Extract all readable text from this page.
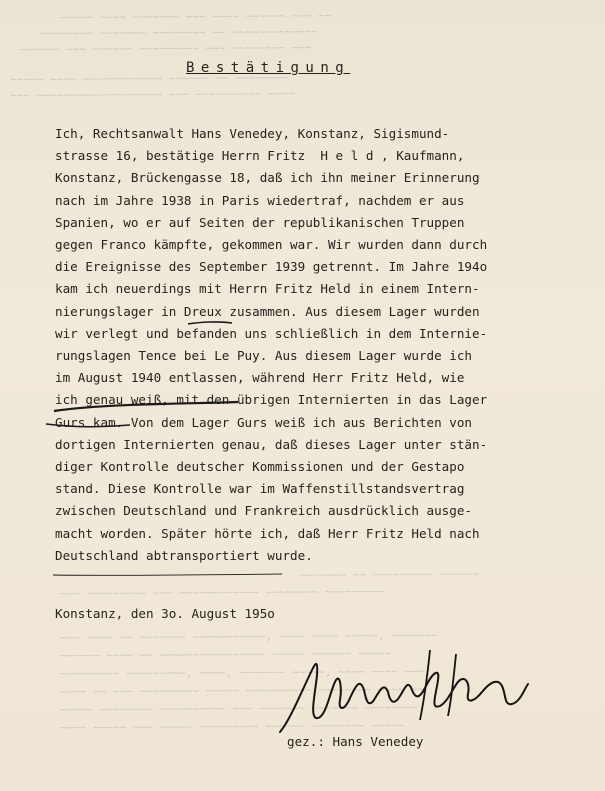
~~~~~ ~~~~ ~~~~~~~ ~~~ ~~~~ ~~~~~~ ~~~ ~~
~~~~~~~~ ~~~~~~~ ~~~~~~~~ ~~ ~~~~~~~~~~~~~
~~~~~~ ~~~ ~~~~~~ ~~~~~~~~~ ~~~ ~~~~~~~~ ~~~
~~~~~ ~~~~ ~~~~~~~~~~~~ ~~~~~~ ~~ ~~~~~~~~
~~~ ~~~~~~~~~~~~~~~~~~~ ~~~ ~~~~~~~~~~ ~~~~
~~~~~~~ ~~ ~~~~~~~~~ ~~~~~~
~~~ ~~~~~~~~~ ~~~ ~~~~~~~~~~~~ ~~~~~~~~ ~~~~~~~~~
~~~ ~~~~ ~~ ~~~~~~~ ~~~~~~~~~~~, ~~~~ ~~~~ ~~~~~, ~~~~~~~
~~~~~~ ~~~~ ~~ ~~~~~~~~~~~~~~~~ ~~~~~ ~~~~~~ ~~~~~
~~~~~~~~~ ~~~~~~~~~, ~~~~, ~~~~~~~ ~~~~~, ~~~~ ~~~~ ~~~
~~~~ ~~ ~~~ ~~~~~~~~~ ~~~~~ ~~~~~~~~~~ ~~~~~~~~ ~~~~ ~~
~~~~~ ~~~~~~~~ ~~~~~~~~~~ ~~~ ~~~~~~~ ~~~~~~~ ~~~~~~~~
~~~~ ~~~~~ ~~~ ~~~~~ ~~~~~~~~~ ~~~~~~ ~~~~~~~~ ~~~~~
Bestätigung
Ich, Rechtsanwalt Hans Venedey, Konstanz, Sigismund-
strasse 16, bestätige Herrn Fritz  H e l d , Kaufmann,
Konstanz, Brückengasse 18, daß ich ihn meiner Erinnerung
nach im Jahre 1938 in Paris wiedertraf, nachdem er aus
Spanien, wo er auf Seiten der republikanischen Truppen
gegen Franco kämpfte, gekommen war. Wir wurden dann durch
die Ereignisse des September 1939 getrennt. Im Jahre 194o
kam ich neuerdings mit Herrn Fritz Held in einem Intern-
nierungslager in Dreux zusammen. Aus diesem Lager wurden
wir verlegt und befanden uns schließlich in dem Internie-
rungslagen Tence bei Le Puy. Aus diesem Lager wurde ich
im August 1940 entlassen, während Herr Fritz Held, wie
ich genau weiß, mit den übrigen Internierten in das Lager
Gurs kam. Von dem Lager Gurs weiß ich aus Berichten von
dortigen Internierten genau, daß dieses Lager unter stän-
diger Kontrolle deutscher Kommissionen und der Gestapo
stand. Diese Kontrolle war im Waffenstillstandsvertrag
zwischen Deutschland und Frankreich ausdrücklich ausge-
macht worden. Später hörte ich, daß Herr Fritz Held nach
Deutschland abtransportiert wurde.
Konstanz, den 3o. August 195o
gez.: Hans Venedey
